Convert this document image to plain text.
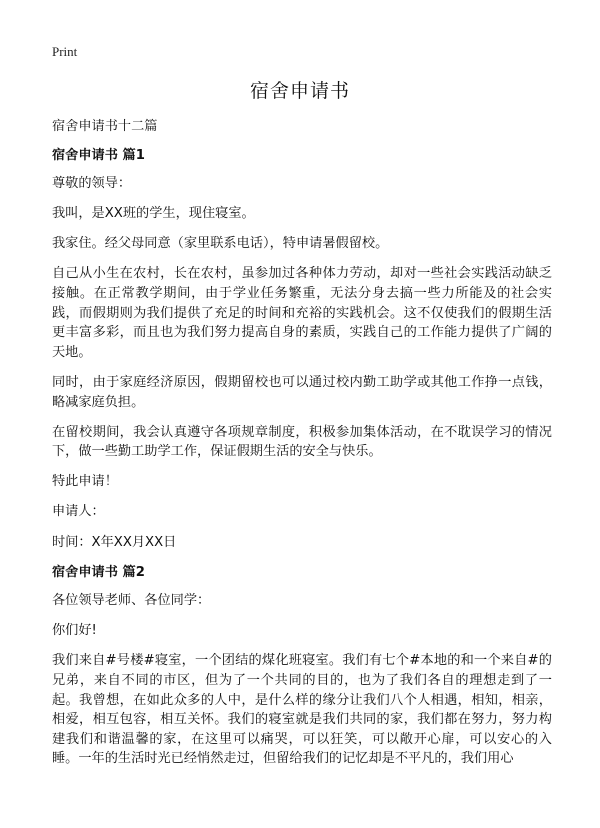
Print
宿舍申请书

宿舍申请书十二篇

宿舍申请书 篇1

尊敬的领导：

我叫，是XX班的学生，现住寝室。

我家住。经父母同意（家里联系电话），特申请暑假留校。

自己从小生在农村，长在农村，虽参加过各种体力劳动，却对一些社会实践活动缺乏接触。在正常教学期间，由于学业任务繁重，无法分身去搞一些力所能及的社会实践，而假期则为我们提供了充足的时间和充裕的实践机会。这不仅使我们的假期生活更丰富多彩，而且也为我们努力提高自身的素质，实践自己的工作能力提供了广阔的天地。

同时，由于家庭经济原因，假期留校也可以通过校内勤工助学或其他工作挣一点钱，略减家庭负担。

在留校期间，我会认真遵守各项规章制度，积极参加集体活动，在不耽误学习的情况下，做一些勤工助学工作，保证假期生活的安全与快乐。

特此申请！

申请人：

时间：X年XX月XX日

宿舍申请书 篇2

各位领导老师、各位同学：

你们好!

我们来自#号楼#寝室，一个团结的煤化班寝室。我们有七个#本地的和一个来自#的兄弟，来自不同的市区，但为了一个共同的目的，也为了我们各自的理想走到了一起。我曾想，在如此众多的人中，是什么样的缘分让我们八个人相遇，相知，相亲，相爱，相互包容，相互关怀。我们的寝室就是我们共同的家，我们都在努力，努力构建我们和谐温馨的家，在这里可以痛哭，可以狂笑，可以敞开心扉，可以安心的入睡。一年的生活时光已经悄然走过，但留给我们的记忆却是不平凡的，我们用心
